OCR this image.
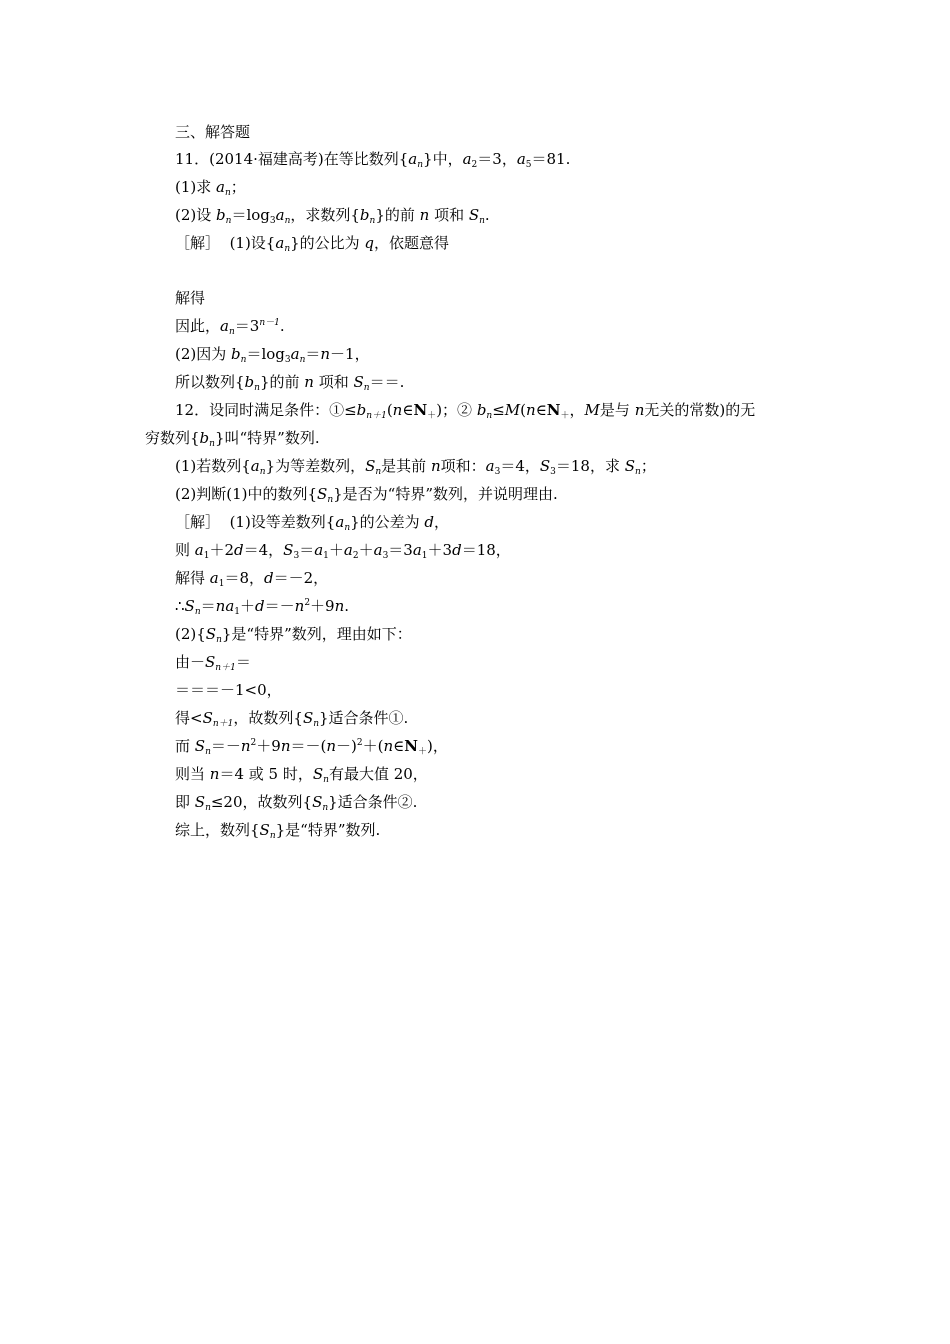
三、解答题
11．(2014·福建高考)在等比数列$\{a_n\}$中，$a_2=3$，$a_5=81$.
(1)求 $a_n$；
(2)设 $b_n=\log_3a_n$，求数列$\{b_n\}$的前 n 项和 $S_n$.
［解］ (1)设$\{a_n\}$的公比为 q，依题意得
解得
因此，$a_n=3^{n-1}$.
(2)因为 $b_n=\log_3a_n=n-1$，
所以数列$\{b_n\}$的前 n 项和 $S_n==$.
12．设同时满足条件：$①\le b_{n+1}(n\in N_+)$；② $b_n\le M(n\in N_+$，M是与 n无关的常数)的无
穷数列$\{b_n\}$叫“特界”数列.
(1)若数列$\{a_n\}$为等差数列，$S_n$是其前 n项和：$a_3=4$，$S_3=18$，求 $S_n$；
(2)判断(1)中的数列$\{S_n\}$是否为“特界”数列，并说明理由.
［解］ (1)设等差数列$\{a_n\}$的公差为 d，
则 $a_1+2d=4$，$S_3=a_1+a_2+a_3=3a_1+3d=18$，
解得 $a_1=8$，d＝－2，
$\therefore S_n=na_1+d=-n^2+9n$.
$(2)\{S_n\}$是“特界”数列，理由如下：
由$-S_{n+1}=$
＝＝＝－1<0，
得$<S_{n+1}$，故数列$\{S_n\}$适合条件①.
而 $S_n=-n^2+9n=-(n-)^2+(n\in N_+)$，
则当 n＝4 或 5 时，$S_n$有最大值 20，
即 $S_n\le 20$，故数列$\{S_n\}$适合条件②.
综上，数列$\{S_n\}$是“特界”数列.
